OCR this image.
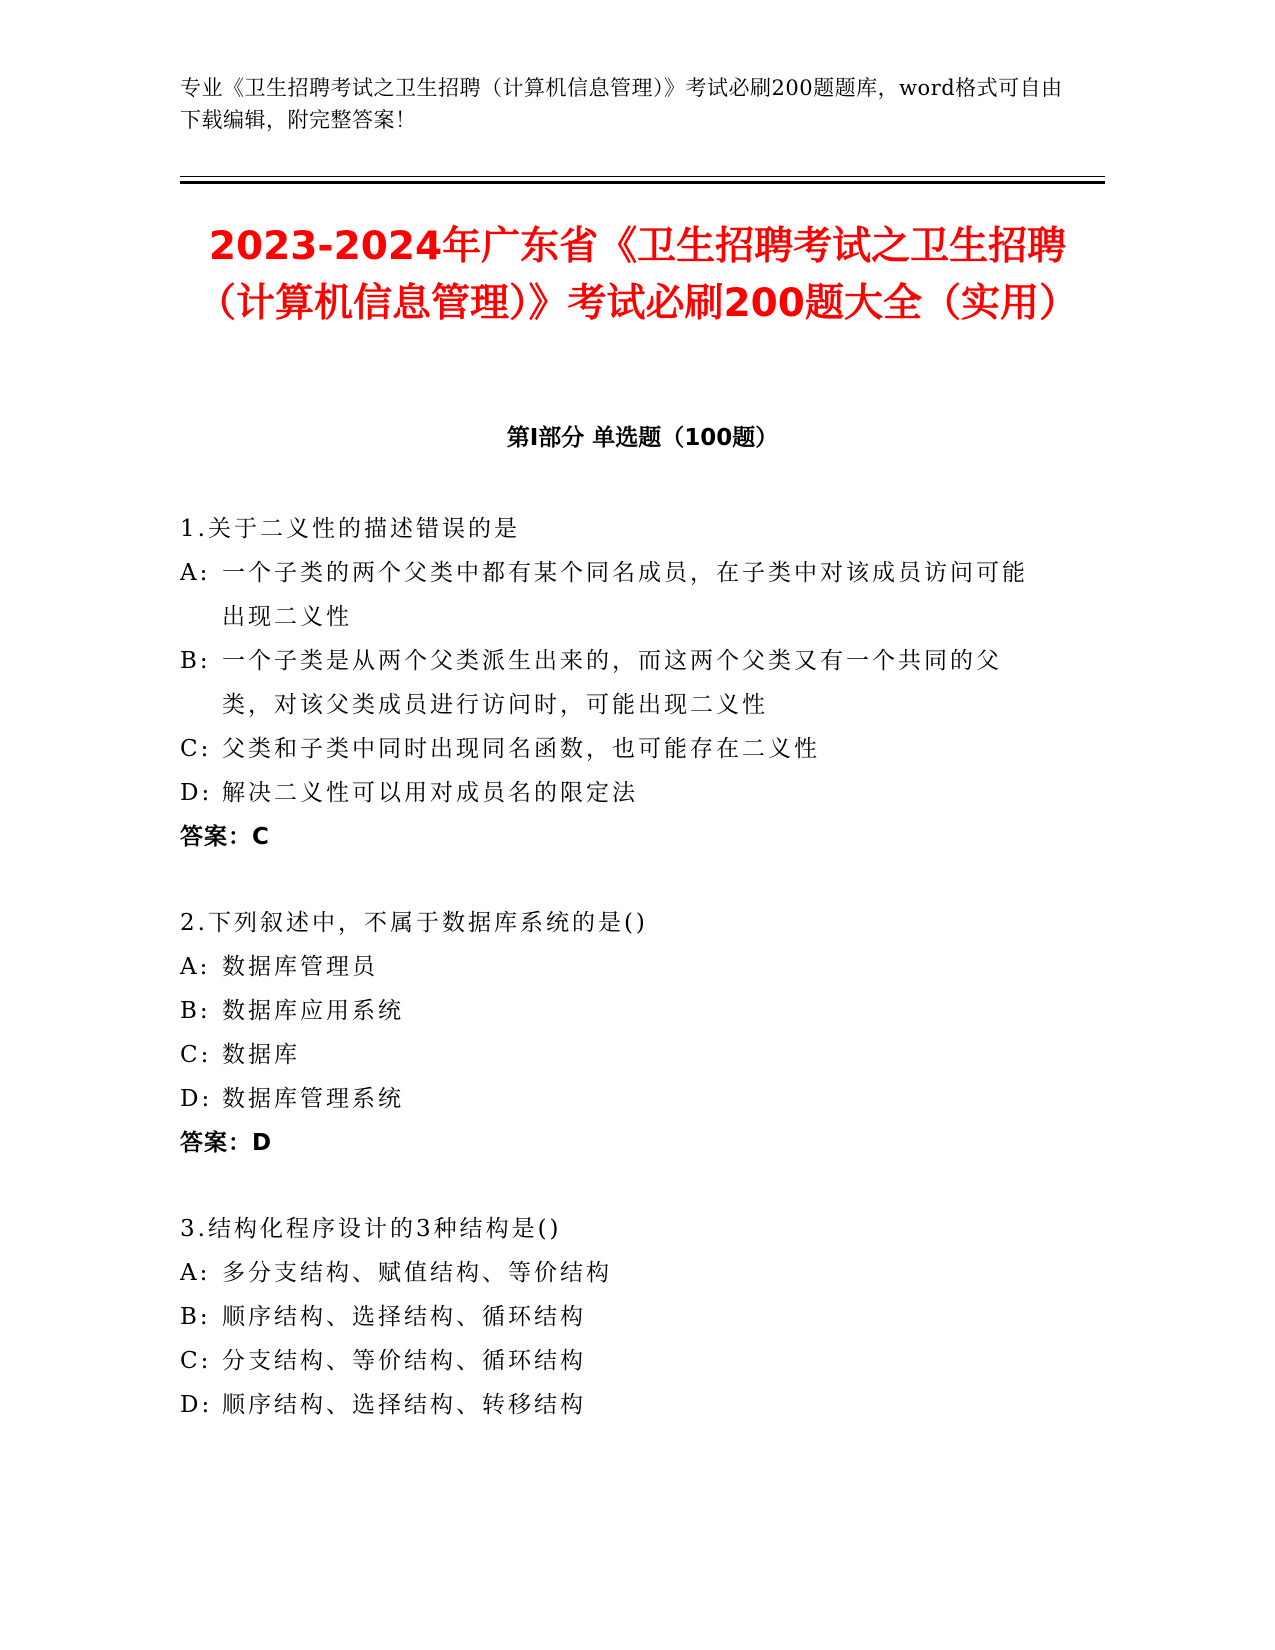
专业《卫生招聘考试之卫生招聘（计算机信息管理）》考试必刷200题题库，word格式可自由下载编辑，附完整答案！
2023-2024年广东省《卫生招聘考试之卫生招聘（计算机信息管理）》考试必刷200题大全（实用）
第Ⅰ部分 单选题（100题）
1.关于二义性的描述错误的是
A: 一个子类的两个父类中都有某个同名成员，在子类中对该成员访问可能出现二义性
B: 一个子类是从两个父类派生出来的，而这两个父类又有一个共同的父类，对该父类成员进行访问时，可能出现二义性
C: 父类和子类中同时出现同名函数，也可能存在二义性
D: 解决二义性可以用对成员名的限定法
答案：C
2.下列叙述中，不属于数据库系统的是()
A: 数据库管理员
B: 数据库应用系统
C: 数据库
D: 数据库管理系统
答案：D
3.结构化程序设计的3种结构是()
A: 多分支结构、赋值结构、等价结构
B: 顺序结构、选择结构、循环结构
C: 分支结构、等价结构、循环结构
D: 顺序结构、选择结构、转移结构
